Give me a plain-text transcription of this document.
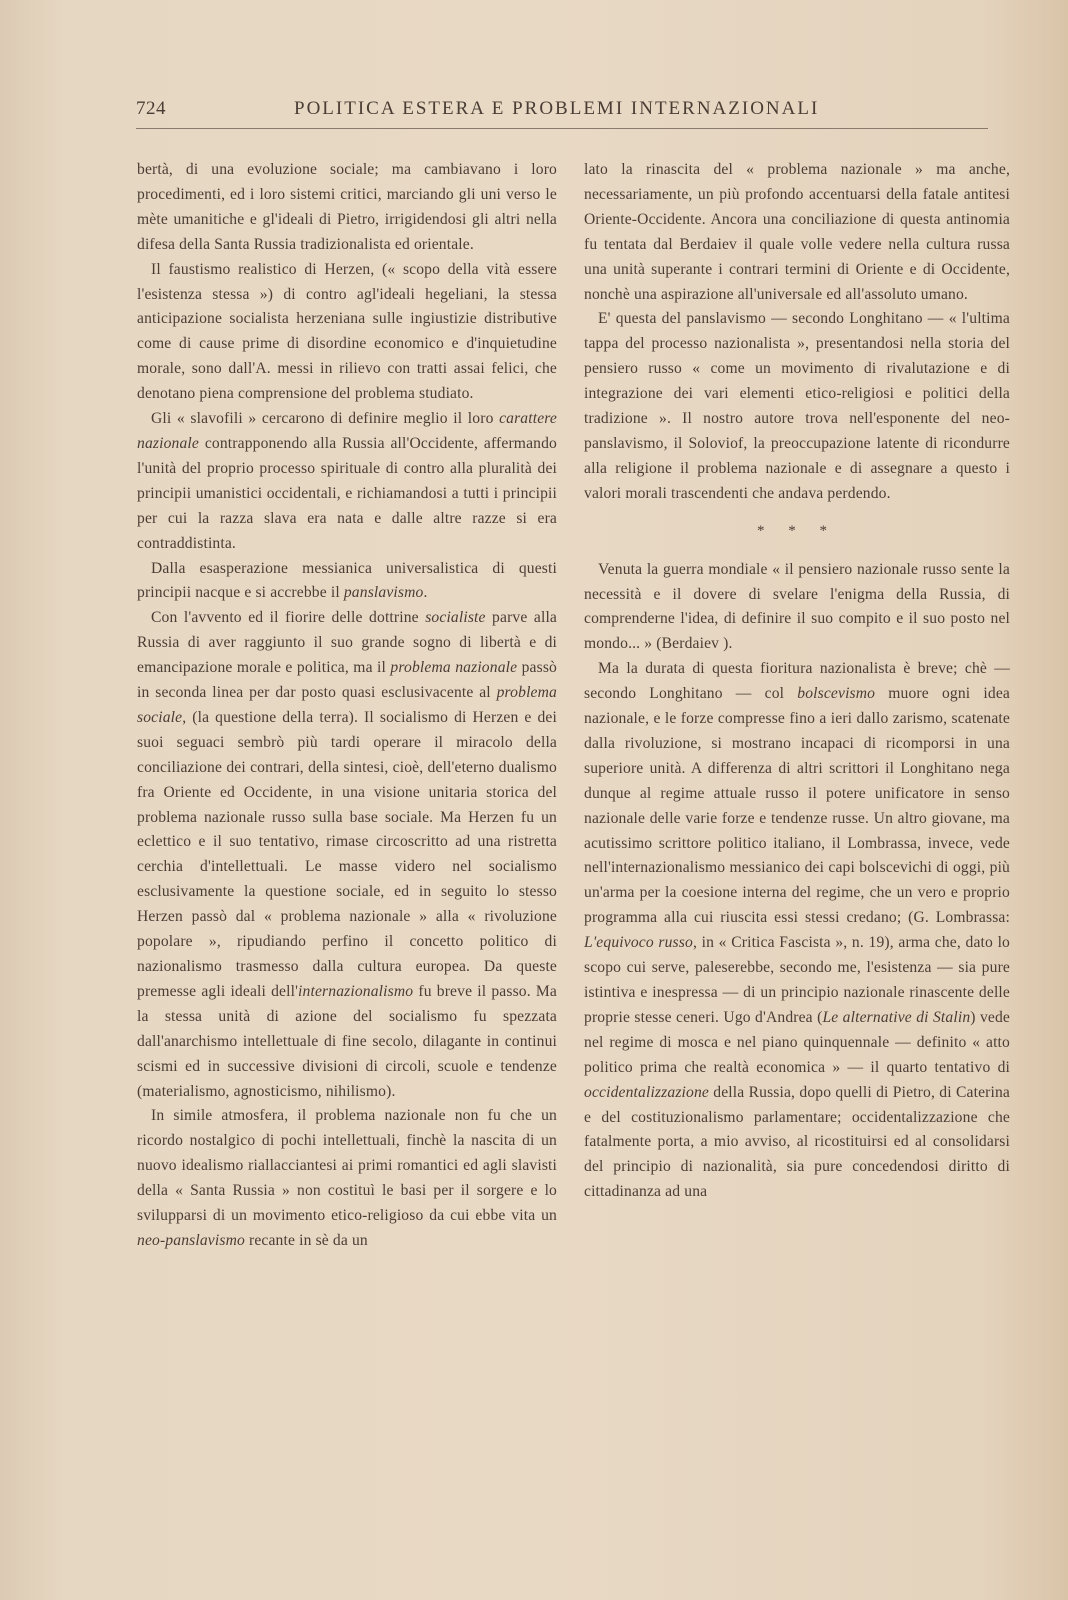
724	POLITICA ESTERA E PROBLEMI INTERNAZIONALI

bertà, di una evoluzione sociale; ma cambiavano i loro procedimenti, ed i loro sistemi critici, marciando gli uni verso le mète umanitiche e gl'ideali di Pietro, irrigidendosi gli altri nella difesa della Santa Russia tradizionalista ed orientale.

Il faustismo realistico di Herzen, (« scopo della vità essere l'esistenza stessa ») di contro agl'ideali hegeliani, la stessa anticipazione socialista herzeniana sulle ingiustizie distributive come di cause prime di disordine economico e d'inquietudine morale, sono dall'A. messi in rilievo con tratti assai felici, che denotano piena comprensione del problema studiato.

Gli « slavofili » cercarono di definire meglio il loro carattere nazionale contrapponendo alla Russia all'Occidente, affermando l'unità del proprio processo spirituale di contro alla pluralità dei principii umanistici occidentali, e richiamandosi a tutti i principii per cui la razza slava era nata e dalle altre razze si era contraddistinta.

Dalla esasperazione messianica universalistica di questi principii nacque e si accrebbe il panslavismo.

Con l'avvento ed il fiorire delle dottrine socialiste parve alla Russia di aver raggiunto il suo grande sogno di libertà e di emancipazione morale e politica, ma il problema nazionale passò in seconda linea per dar posto quasi esclusivacente al problema sociale, (la questione della terra). Il socialismo di Herzen e dei suoi seguaci sembrò più tardi operare il miracolo della conciliazione dei contrari, della sintesi, cioè, dell'eterno dualismo fra Oriente ed Occidente, in una visione unitaria storica del problema nazionale russo sulla base sociale. Ma Herzen fu un eclettico e il suo tentativo, rimase circoscritto ad una ristretta cerchia d'intellettuali. Le masse videro nel socialismo esclusivamente la questione sociale, ed in seguito lo stesso Herzen passò dal « problema nazionale » alla « rivoluzione popolare », ripudiando perfino il concetto politico di nazionalismo trasmesso dalla cultura europea. Da queste premesse agli ideali dell'internazionalismo fu breve il passo. Ma la stessa unità di azione del socialismo fu spezzata dall'anarchismo intellettuale di fine secolo, dilagante in continui scismi ed in successive divisioni di circoli, scuole e tendenze (materialismo, agnosticismo, nihilismo).

In simile atmosfera, il problema nazionale non fu che un ricordo nostalgico di pochi intellettuali, finchè la nascita di un nuovo idealismo riallacciantesi ai primi romantici ed agli slavisti della « Santa Russia » non costituì le basi per il sorgere e lo svilupparsi di un movimento etico-religioso da cui ebbe vita un neo-panslavismo recante in sè da un

lato la rinascita del « problema nazionale » ma anche, necessariamente, un più profondo accentuarsi della fatale antitesi Oriente-Occidente. Ancora una conciliazione di questa antinomia fu tentata dal Berdaiev il quale volle vedere nella cultura russa una unità superante i contrari termini di Oriente e di Occidente, nonchè una aspirazione all'universale ed all'assoluto umano.

E' questa del panslavismo — secondo Longhitano — « l'ultima tappa del processo nazionalista », presentandosi nella storia del pensiero russo « come un movimento di rivalutazione e di integrazione dei vari elementi etico-religiosi e politici della tradizione ». Il nostro autore trova nell'esponente del neo-panslavismo, il Soloviof, la preoccupazione latente di ricondurre alla religione il problema nazionale e di assegnare a questo i valori morali trascendenti che andava perdendo.

* * *

Venuta la guerra mondiale « il pensiero nazionale russo sente la necessità e il dovere di svelare l'enigma della Russia, di comprenderne l'idea, di definire il suo compito e il suo posto nel mondo... » (Berdaiev ).

Ma la durata di questa fioritura nazionalista è breve; chè — secondo Longhitano — col bolscevismo muore ogni idea nazionale, e le forze compresse fino a ieri dallo zarismo, scatenate dalla rivoluzione, si mostrano incapaci di ricomporsi in una superiore unità. A differenza di altri scrittori il Longhitano nega dunque al regime attuale russo il potere unificatore in senso nazionale delle varie forze e tendenze russe. Un altro giovane, ma acutissimo scrittore politico italiano, il Lombrassa, invece, vede nell'internazionalismo messianico dei capi bolscevichi di oggi, più un'arma per la coesione interna del regime, che un vero e proprio programma alla cui riuscita essi stessi credano; (G. Lombrassa: L'equivoco russo, in « Critica Fascista », n. 19), arma che, dato lo scopo cui serve, paleserebbe, secondo me, l'esistenza — sia pure istintiva e inespressa — di un principio nazionale rinascente delle proprie stesse ceneri. Ugo d'Andrea (Le alternative di Stalin) vede nel regime di mosca e nel piano quinquennale — definito « atto politico prima che realtà economica » — il quarto tentativo di occidentalizzazione della Russia, dopo quelli di Pietro, di Caterina e del costituzionalismo parlamentare; occidentalizzazione che fatalmente porta, a mio avviso, al ricostituirsi ed al consolidarsi del principio di nazionalità, sia pure concedendosi diritto di cittadinanza ad una
